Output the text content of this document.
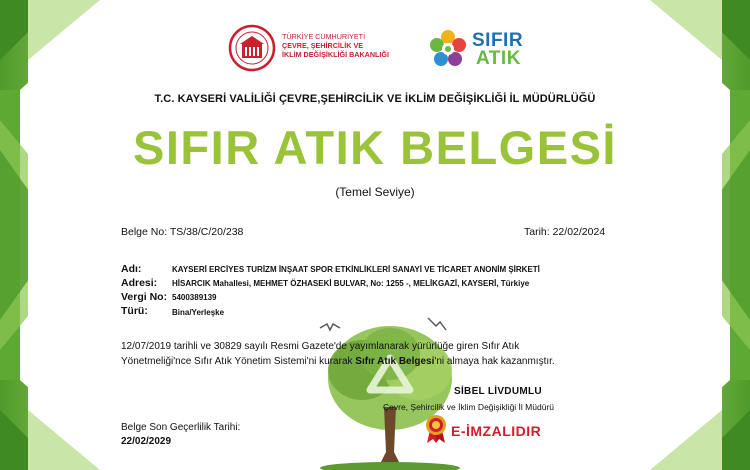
TÜRKİYE CUMHURİYETİ
ÇEVRE, ŞEHİRCİLİK VE
İKLİM DEĞİŞİKLİĞİ BAKANLIĞI
SIFIR
ATIK
T.C. KAYSERİ VALİLİĞİ ÇEVRE,ŞEHİRCİLİK VE İKLİM DEĞİŞİKLİĞİ İL MÜDÜRLÜĞÜ
SIFIR ATIK BELGESİ
(Temel Seviye)
Belge No: TS/38/C/20/238	Tarih: 22/02/2024
Adı:	KAYSERİ ERCİYES TURİZM İNŞAAT SPOR ETKİNLİKLERİ SANAYİ VE TİCARET ANONİM ŞİRKETİ
Adresi: HİSARCIK Mahallesi, MEHMET ÖZHASEKİ BULVAR, No: 1255 -, MELİKGAZİ, KAYSERİ, Türkiye
Vergi No: 5400389139
Türü:	Bina/Yerleşke
12/07/2019 tarihli ve 30829 sayılı Resmi Gazete'de yayımlanarak yürürlüğe giren Sıfır Atık
Yönetmeliği'nce Sıfır Atık Yönetim Sistemi'ni kurarak Sıfır Atık Belgesi'ni almaya hak kazanmıştır.
SİBEL LİVDUMLU
Çevre, Şehircilik ve İklim Değişikliği İl Müdürü
Belge Son Geçerlilik Tarihi:
22/02/2029
E-İMZALIDIR
